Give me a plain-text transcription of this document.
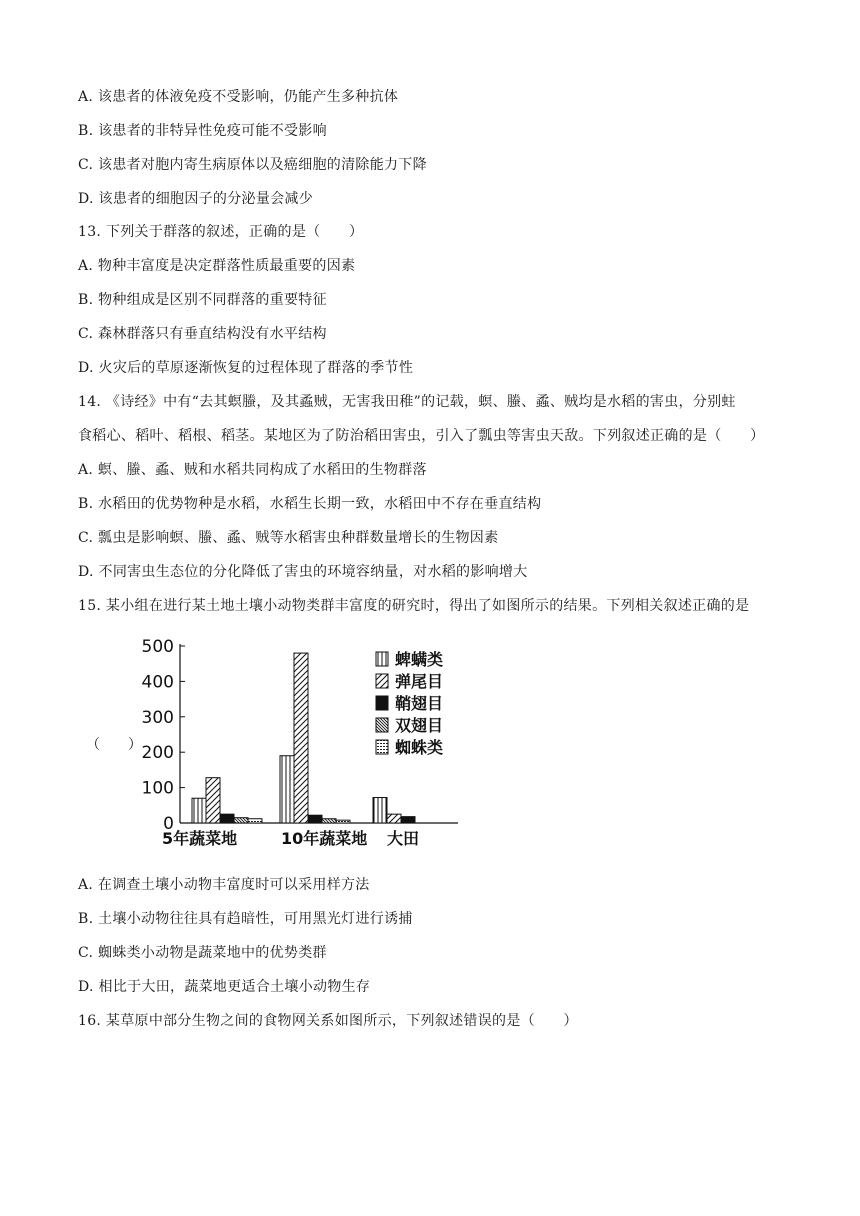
A. 该患者的体液免疫不受影响，仍能产生多种抗体
B. 该患者的非特异性免疫可能不受影响
C. 该患者对胞内寄生病原体以及癌细胞的清除能力下降
D. 该患者的细胞因子的分泌量会减少
13. 下列关于群落的叙述，正确的是（　　）
A. 物种丰富度是决定群落性质最重要的因素
B. 物种组成是区别不同群落的重要特征
C. 森林群落只有垂直结构没有水平结构
D. 火灾后的草原逐渐恢复的过程体现了群落的季节性
14. 《诗经》中有“去其螟螣，及其蟊贼，无害我田稚”的记载，螟、螣、蟊、贼均是水稻的害虫，分别蛀
食稻心、稻叶、稻根、稻茎。某地区为了防治稻田害虫，引入了瓢虫等害虫天敌。下列叙述正确的是（　　）
A. 螟、螣、蟊、贼和水稻共同构成了水稻田的生物群落
B. 水稻田的优势物种是水稻，水稻生长期一致，水稻田中不存在垂直结构
C. 瓢虫是影响螟、螣、蟊、贼等水稻害虫种群数量增长的生物因素
D. 不同害虫生态位的分化降低了害虫的环境容纳量，对水稻的影响增大
15. 某小组在进行某土地土壤小动物类群丰富度的研究时，得出了如图所示的结果。下列相关叙述正确的是
（　　）
0
100
200
300
400
500
5年蔬菜地	10年蔬菜地 大田
蜱螨类
弹尾目
鞘翅目
双翅目
蜘蛛类
A. 在调查土壤小动物丰富度时可以采用样方法
B. 土壤小动物往往具有趋暗性，可用黑光灯进行诱捕
C. 蜘蛛类小动物是蔬菜地中的优势类群
D. 相比于大田，蔬菜地更适合土壤小动物生存
16. 某草原中部分生物之间的食物网关系如图所示，下列叙述错误的是（　　）
